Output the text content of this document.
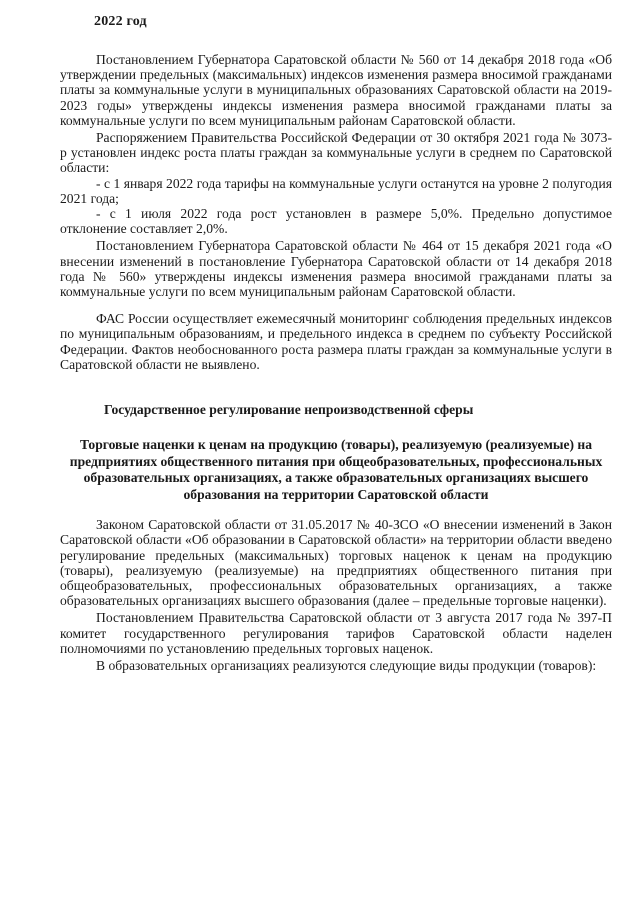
2022 год

Постановлением Губернатора Саратовской области № 560 от 14 декабря 2018 года «Об утверждении предельных (максимальных) индексов изменения размера вносимой гражданами платы за коммунальные услуги в муниципальных образованиях Саратовской области на 2019-2023 годы» утверждены индексы изменения размера вносимой гражданами платы за коммунальные услуги по всем муниципальным районам Саратовской области.

Распоряжением Правительства Российской Федерации от 30 октября 2021 года № 3073-р установлен индекс роста платы граждан за коммунальные услуги в среднем по Саратовской области:

- с 1 января 2022 года тарифы на коммунальные услуги останутся на уровне 2 полугодия 2021 года;

- с 1 июля 2022 года рост установлен в размере 5,0%. Предельно допустимое отклонение составляет 2,0%.

Постановлением Губернатора Саратовской области № 464 от 15 декабря 2021 года «О внесении изменений в постановление Губернатора Саратовской области от 14 декабря 2018 года № 560» утверждены индексы изменения размера вносимой гражданами платы за коммунальные услуги по всем муниципальным районам Саратовской области.

ФАС России осуществляет ежемесячный мониторинг соблюдения предельных индексов по муниципальным образованиям, и предельного индекса в среднем по субъекту Российской Федерации. Фактов необоснованного роста размера платы граждан за коммунальные услуги в Саратовской области не выявлено.

Государственное регулирование непроизводственной сферы
Торговые наценки к ценам на продукцию (товары), реализуемую (реализуемые) на предприятиях общественного питания при общеобразовательных, профессиональных образовательных организациях, а также образовательных организациях высшего образования на территории Саратовской области

Законом Саратовской области от 31.05.2017 № 40-ЗСО «О внесении изменений в Закон Саратовской области «Об образовании в Саратовской области» на территории области введено регулирование предельных (максимальных) торговых наценок к ценам на продукцию (товары), реализуемую (реализуемые) на предприятиях общественного питания при общеобразовательных, профессиональных образовательных организациях, а также образовательных организациях высшего образования (далее – предельные торговые наценки).

Постановлением Правительства Саратовской области от 3 августа 2017 года № 397-П комитет государственного регулирования тарифов Саратовской области наделен полномочиями по установлению предельных торговых наценок.

В образовательных организациях реализуются следующие виды продукции (товаров):
